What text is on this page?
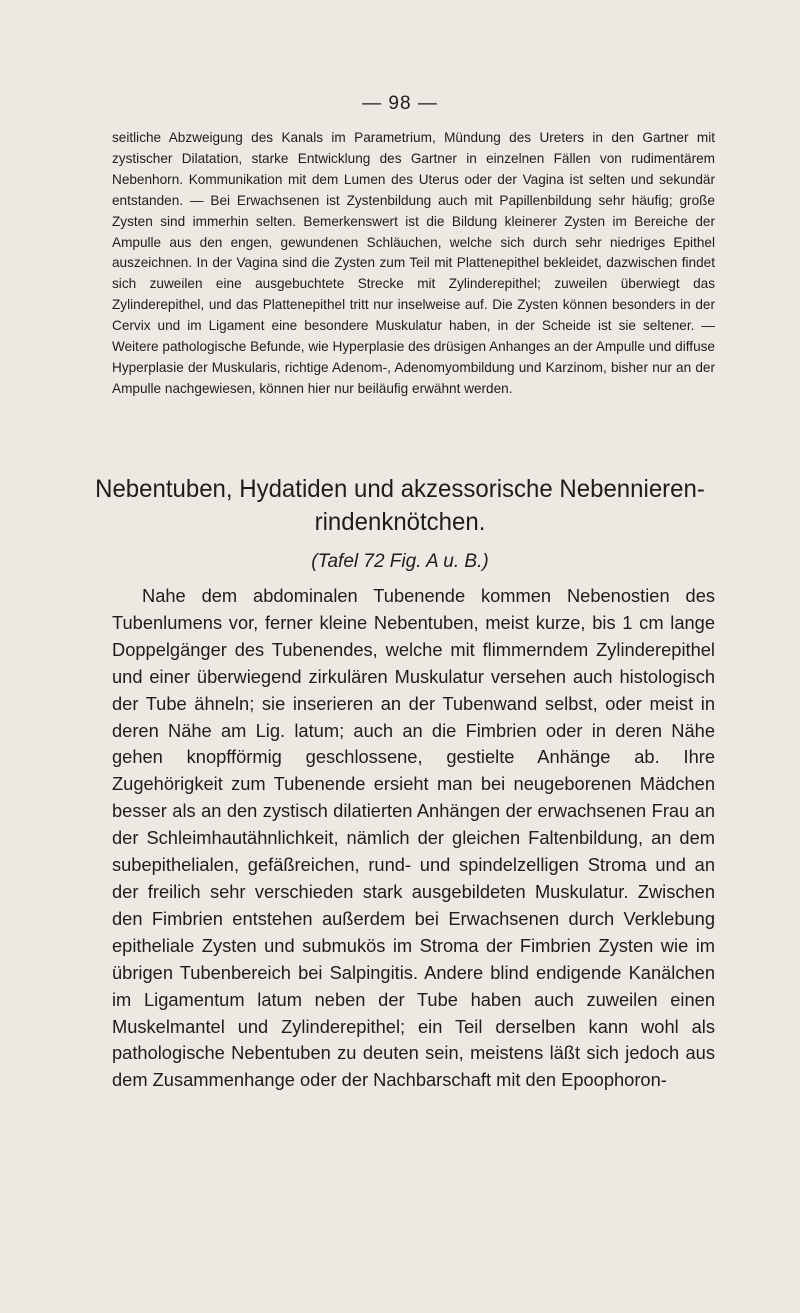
— 98 —

seitliche Abzweigung des Kanals im Parametrium, Mündung des Ureters in den Gartner mit zystischer Dilatation, starke Entwicklung des Gartner in einzelnen Fällen von rudimentärem Nebenhorn. Kommunikation mit dem Lumen des Uterus oder der Vagina ist selten und sekundär entstanden. — Bei Erwachsenen ist Zystenbildung auch mit Papillenbildung sehr häufig; große Zysten sind immerhin selten. Bemerkenswert ist die Bildung kleinerer Zysten im Bereiche der Ampulle aus den engen, gewundenen Schläuchen, welche sich durch sehr niedriges Epithel auszeichnen. In der Vagina sind die Zysten zum Teil mit Plattenepithel bekleidet, dazwischen findet sich zuweilen eine ausgebuchtete Strecke mit Zylinderepithel; zuweilen überwiegt das Zylinderepithel, und das Plattenepithel tritt nur inselweise auf. Die Zysten können besonders in der Cervix und im Ligament eine besondere Muskulatur haben, in der Scheide ist sie seltener. — Weitere pathologische Befunde, wie Hyperplasie des drüsigen Anhanges an der Ampulle und diffuse Hyperplasie der Muskularis, richtige Adenom-, Adenomyombildung und Karzinom, bisher nur an der Ampulle nachgewiesen, können hier nur beiläufig erwähnt werden.

Nebentuben, Hydatiden und akzessorische Nebennierenrindenknötchen.
(Tafel 72 Fig. A u. B.)

Nahe dem abdominalen Tubenende kommen Nebenostien des Tubenlumens vor, ferner kleine Nebentuben, meist kurze, bis 1 cm lange Doppelgänger des Tubenendes, welche mit flimmerndem Zylinderepithel und einer überwiegend zirkulären Muskulatur versehen auch histologisch der Tube ähneln; sie inserieren an der Tubenwand selbst, oder meist in deren Nähe am Lig. latum; auch an die Fimbrien oder in deren Nähe gehen knopfförmig geschlossene, gestielte Anhänge ab. Ihre Zugehörigkeit zum Tubenende ersieht man bei neugeborenen Mädchen besser als an den zystisch dilatierten Anhängen der erwachsenen Frau an der Schleimhautähnlichkeit, nämlich der gleichen Faltenbildung, an dem subepithelialen, gefäßreichen, rund- und spindelzelligen Stroma und an der freilich sehr verschieden stark ausgebildeten Muskulatur. Zwischen den Fimbrien entstehen außerdem bei Erwachsenen durch Verklebung epitheliale Zysten und submukös im Stroma der Fimbrien Zysten wie im übrigen Tubenbereich bei Salpingitis. Andere blind endigende Kanälchen im Ligamentum latum neben der Tube haben auch zuweilen einen Muskelmantel und Zylinderepithel; ein Teil derselben kann wohl als pathologische Nebentuben zu deuten sein, meistens läßt sich jedoch aus dem Zusammenhange oder der Nachbarschaft mit den Epoophoron-
